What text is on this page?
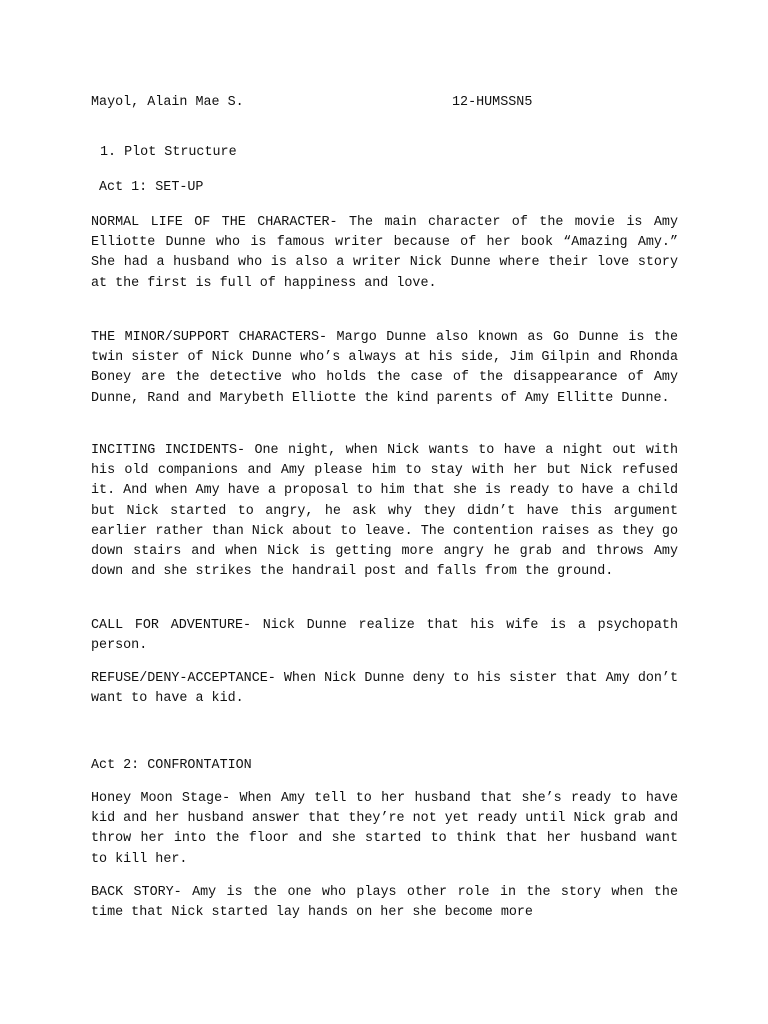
Mayol, Alain Mae S.	12-HUMSSN5
1. Plot Structure
Act 1: SET-UP

NORMAL LIFE OF THE CHARACTER- The main character of the movie is Amy Elliotte Dunne who is famous writer because of her book “Amazing Amy.” She had a husband who is also a writer Nick Dunne where their love story at the first is full of happiness and love.

THE MINOR/SUPPORT CHARACTERS- Margo Dunne also known as Go Dunne is the twin sister of Nick Dunne who’s always at his side, Jim Gilpin and Rhonda Boney are the detective who holds the case of the disappearance of Amy Dunne, Rand and Marybeth Elliotte the kind parents of Amy Ellitte Dunne.

INCITING INCIDENTS- One night, when Nick wants to have a night out with his old companions and Amy please him to stay with her but Nick refused it. And when Amy have a proposal to him that she is ready to have a child but Nick started to angry, he ask why they didn’t have this argument earlier rather than Nick about to leave. The contention raises as they go down stairs and when Nick is getting more angry he grab and throws Amy down and she strikes the handrail post and falls from the ground.

CALL FOR ADVENTURE- Nick Dunne realize that his wife is a psychopath person.

REFUSE/DENY-ACCEPTANCE- When Nick Dunne deny to his sister that Amy don’t want to have a kid.

Act 2: CONFRONTATION

Honey Moon Stage- When Amy tell to her husband that she’s ready to have kid and her husband answer that they’re not yet ready until Nick grab and throw her into the floor and she started to think that her husband want to kill her.

BACK STORY- Amy is the one who plays other role in the story when the time that Nick started lay hands on her she become more
